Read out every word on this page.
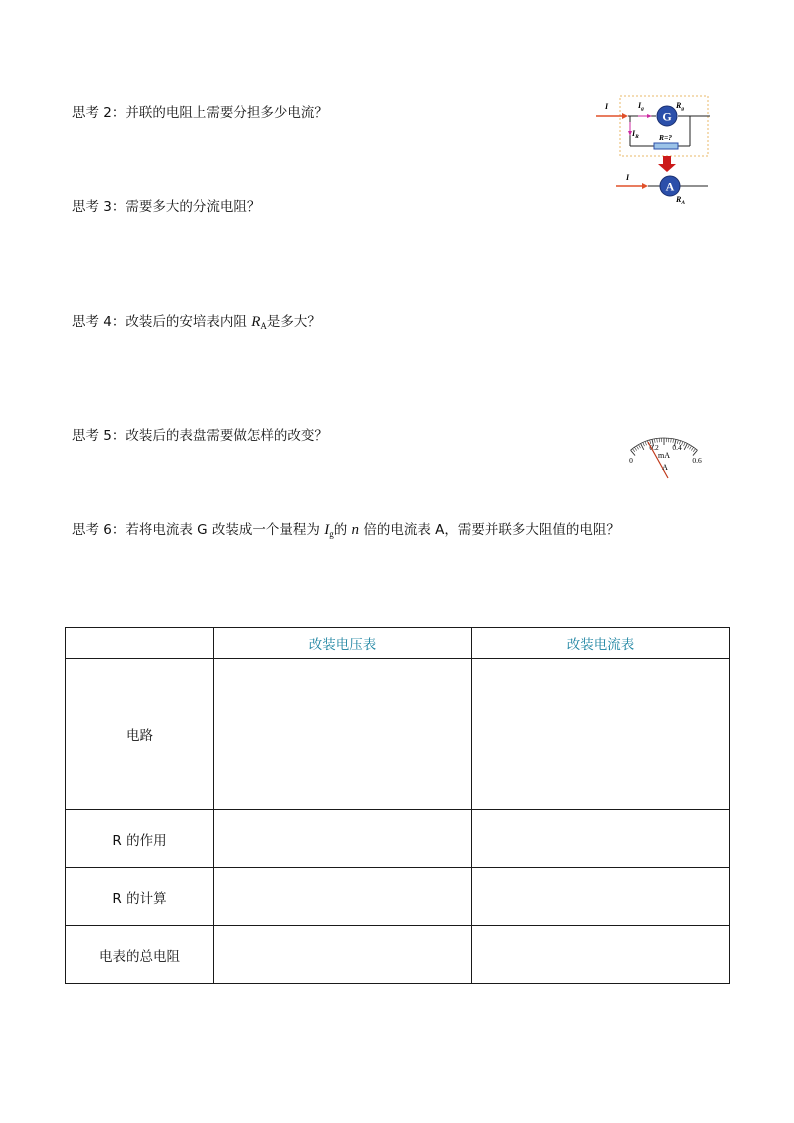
思考 2：并联的电阻上需要分担多少电流？
思考 3：需要多大的分流电阻？
思考 4：改装后的安培表内阻 $R_A$是多大？
思考 5：改装后的表盘需要做怎样的改变？
思考 6：若将电流表 G 改装成一个量程为 $I_g$的 n 倍的电流表 A，需要并联多大阻值的电阻？
G
I	$I_g$
$I_R$
$R_g$
R=?
A
I
$R_A$
0
0.2 0.4
0.6
mA
A
	改装电压表	改装电流表
电路		
R 的作用		
R 的计算		
电表的总电阻		
